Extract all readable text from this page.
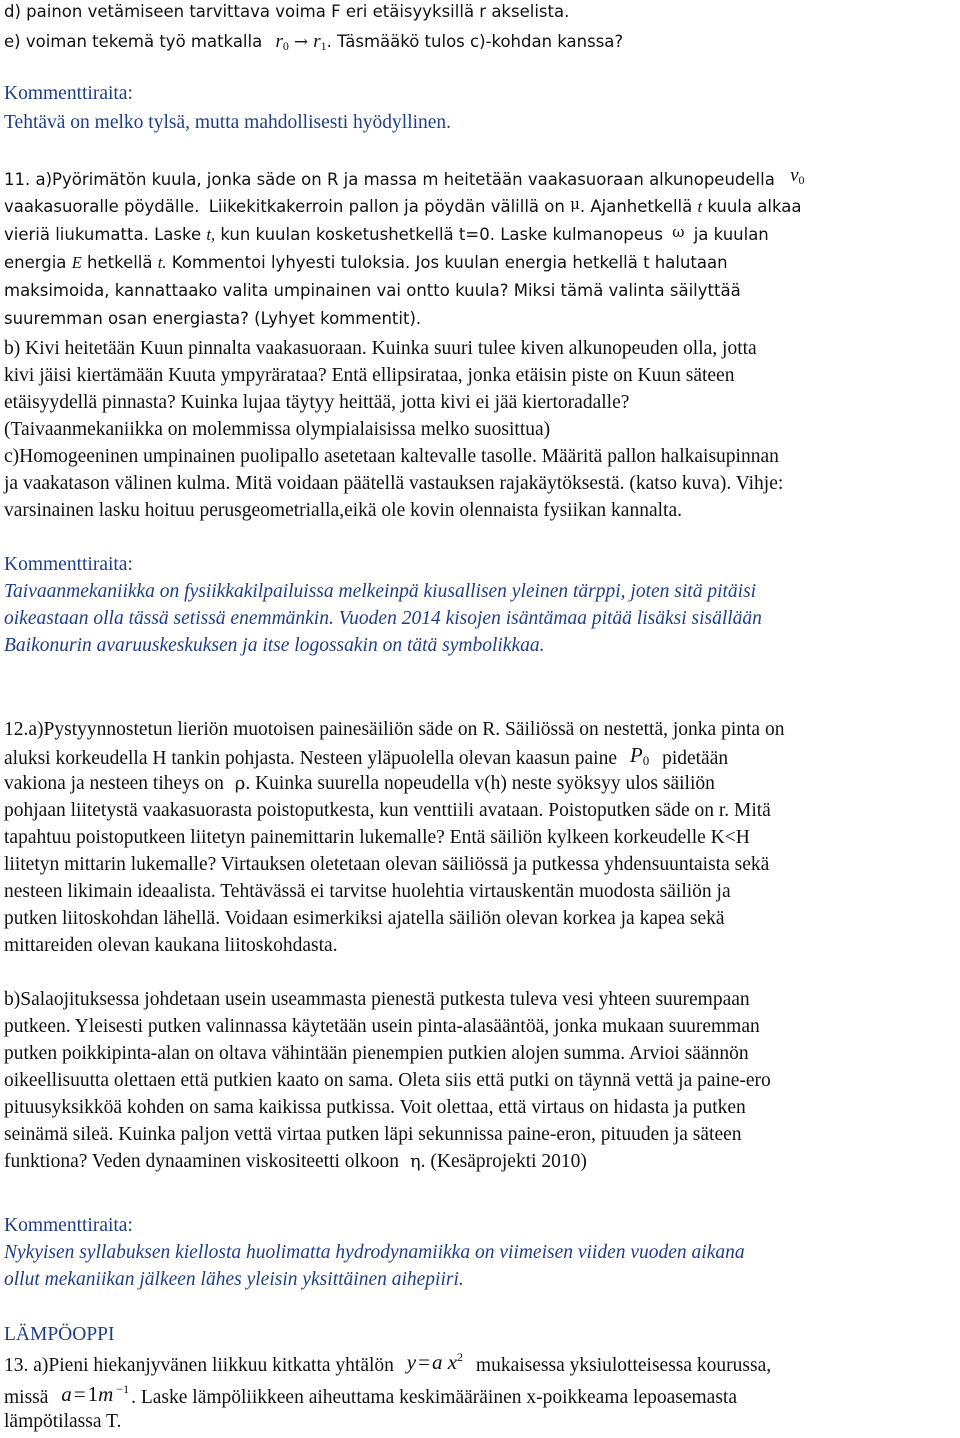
d) painon vetämiseen tarvittava voima F eri etäisyyksillä r akselista.
e) voiman tekemä työ matkalla $r_0 \to r_1$. Täsmääkö tulos c)-kohdan kanssa?
Kommenttiraita:
Tehtävä on melko tylsä, mutta mahdollisesti hyödyllinen.
11. a)Pyörimätön kuula, jonka säde on R ja massa m heitetään vaakasuoraan alkunopeudella $v_0$
vaakasuoralle pöydälle. Liikekitkakerroin pallon ja pöydän välillä on μ. Ajanhetkellä t kuula alkaa
vieriä liukumatta. Laske t, kun kuulan kosketushetkellä t=0. Laske kulmanopeus ω ja kuulan
energia E hetkellä t. Kommentoi lyhyesti tuloksia. Jos kuulan energia hetkellä t halutaan
maksimoida, kannattaako valita umpinainen vai ontto kuula? Miksi tämä valinta säilyttää
suuremman osan energiasta? (Lyhyet kommentit).
b) Kivi heitetään Kuun pinnalta vaakasuoraan. Kuinka suuri tulee kiven alkunopeuden olla, jotta
kivi jäisi kiertämään Kuuta ympyrärataa? Entä ellipsirataa, jonka etäisin piste on Kuun säteen
etäisyydellä pinnasta? Kuinka lujaa täytyy heittää, jotta kivi ei jää kiertoradalle?
(Taivaanmekaniikka on molemmissa olympialaisissa melko suosittua)
c)Homogeeninen umpinainen puolipallo asetetaan kaltevalle tasolle. Määritä pallon halkaisupinnan
ja vaakatason välinen kulma. Mitä voidaan päätellä vastauksen rajakäytöksestä. (katso kuva). Vihje:
varsinainen lasku hoituu perusgeometrialla,eikä ole kovin olennaista fysiikan kannalta.
Kommenttiraita:
Taivaanmekaniikka on fysiikkakilpailuissa melkeinpä kiusallisen yleinen tärppi, joten sitä pitäisi
oikeastaan olla tässä setissä enemmänkin. Vuoden 2014 kisojen isäntämaa pitää lisäksi sisällään
Baikonurin avaruuskeskuksen ja itse logossakin on tätä symbolikkaa.
12.a)Pystyynnostetun lieriön muotoisen painesäiliön säde on R. Säiliössä on nestettä, jonka pinta on
aluksi korkeudella H tankin pohjasta. Nesteen yläpuolella olevan kaasun paine $P_0$ pidetään
vakiona ja nesteen tiheys on ρ. Kuinka suurella nopeudella v(h) neste syöksyy ulos säiliön
pohjaan liitetystä vaakasuorasta poistoputkesta, kun venttiili avataan. Poistoputken säde on r. Mitä
tapahtuu poistoputkeen liitetyn painemittarin lukemalle? Entä säiliön kylkeen korkeudelle K<H
liitetyn mittarin lukemalle? Virtauksen oletetaan olevan säiliössä ja putkessa yhdensuuntaista sekä
nesteen likimain ideaalista. Tehtävässä ei tarvitse huolehtia virtauskentän muodosta säiliön ja
putken liitoskohdan lähellä. Voidaan esimerkiksi ajatella säiliön olevan korkea ja kapea sekä
mittareiden olevan kaukana liitoskohdasta.
b)Salaojituksessa johdetaan usein useammasta pienestä putkesta tuleva vesi yhteen suurempaan
putkeen. Yleisesti putken valinnassa käytetään usein pinta-alasääntöä, jonka mukaan suuremman
putken poikkipinta-alan on oltava vähintään pienempien putkien alojen summa. Arvioi säännön
oikeellisuutta olettaen että putkien kaato on sama. Oleta siis että putki on täynnä vettä ja paine-ero
pituusyksikköä kohden on sama kaikissa putkissa. Voit olettaa, että virtaus on hidasta ja putken
seinämä sileä. Kuinka paljon vettä virtaa putken läpi sekunnissa paine-eron, pituuden ja säteen
funktiona? Veden dynaaminen viskositeetti olkoon η. (Kesäprojekti 2010)
Kommenttiraita:
Nykyisen syllabuksen kiellosta huolimatta hydrodynamiikka on viimeisen viiden vuoden aikana
ollut mekaniikan jälkeen lähes yleisin yksittäinen aihepiiri.
LÄMPÖOPPI
13. a)Pieni hiekanjyvänen liikkuu kitkatta yhtälön y=a $x^2$ mukaisessa yksiulotteisessa kourussa,
missä a=1m $^{-1}$ . Laske lämpöliikkeen aiheuttama keskimääräinen x-poikkeama lepoasemasta
lämpötilassa T.
